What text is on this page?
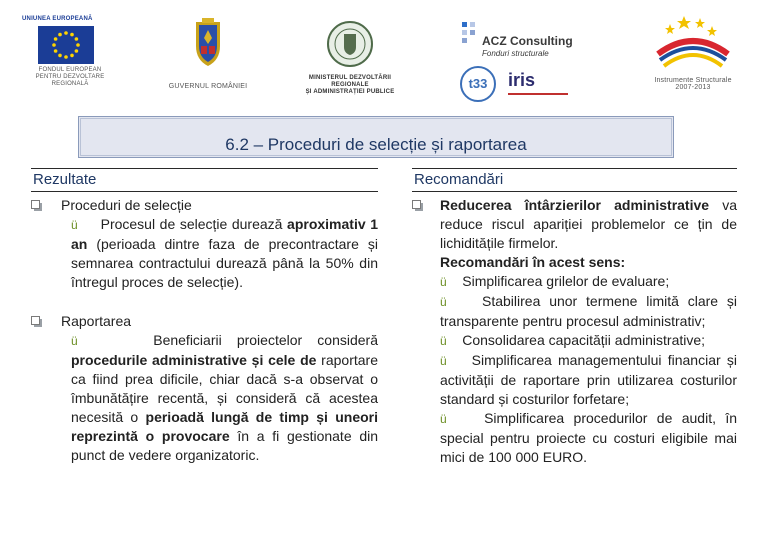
UNIUNEA EUROPEANĂ
FONDUL EUROPEAN
PENTRU DEZVOLTARE REGIONALĂ	GUVERNUL ROMÂNIEI
MINISTERUL DEZVOLTĂRII REGIONALE
ȘI ADMINISTRAȚIEI PUBLICE
ACZ Consulting
Fonduri structurale
t33	iris	Instrumente Structurale
2007-2013
6.2 – Proceduri de selecție și raportarea
Rezultate
Proceduri de selecție
ü Procesul de selecție durează aproximativ 1 an (perioada dintre faza de precontractare și semnarea contractului durează până la 50% din întregul proces de selecție).
Raportarea
ü	Beneficiarii proiectelor consideră procedurile administrative și cele de raportare ca fiind prea dificile, chiar dacă s-a observat o îmbunătățire recentă, și consideră că acestea necesită o perioadă lungă de timp și uneori reprezintă o provocare în a fi gestionate din punct de vedere organizatoric.
Recomandări
Reducerea întârzierilor administrative va reduce riscul apariției problemelor ce țin de lichiditățile firmelor.
Recomandări în acest sens:
ü Simplificarea grilelor de evaluare;
ü	Stabilirea unor termene limită clare și transparente pentru procesul administrativ;
ü Consolidarea capacității administrative;
ü Simplificarea managementului financiar și activității de raportare prin utilizarea costurilor standard și costurilor forfetare;
ü	Simplificarea procedurilor de audit, în special pentru proiecte cu costuri eligibile mai mici de 100 000 EURO.
